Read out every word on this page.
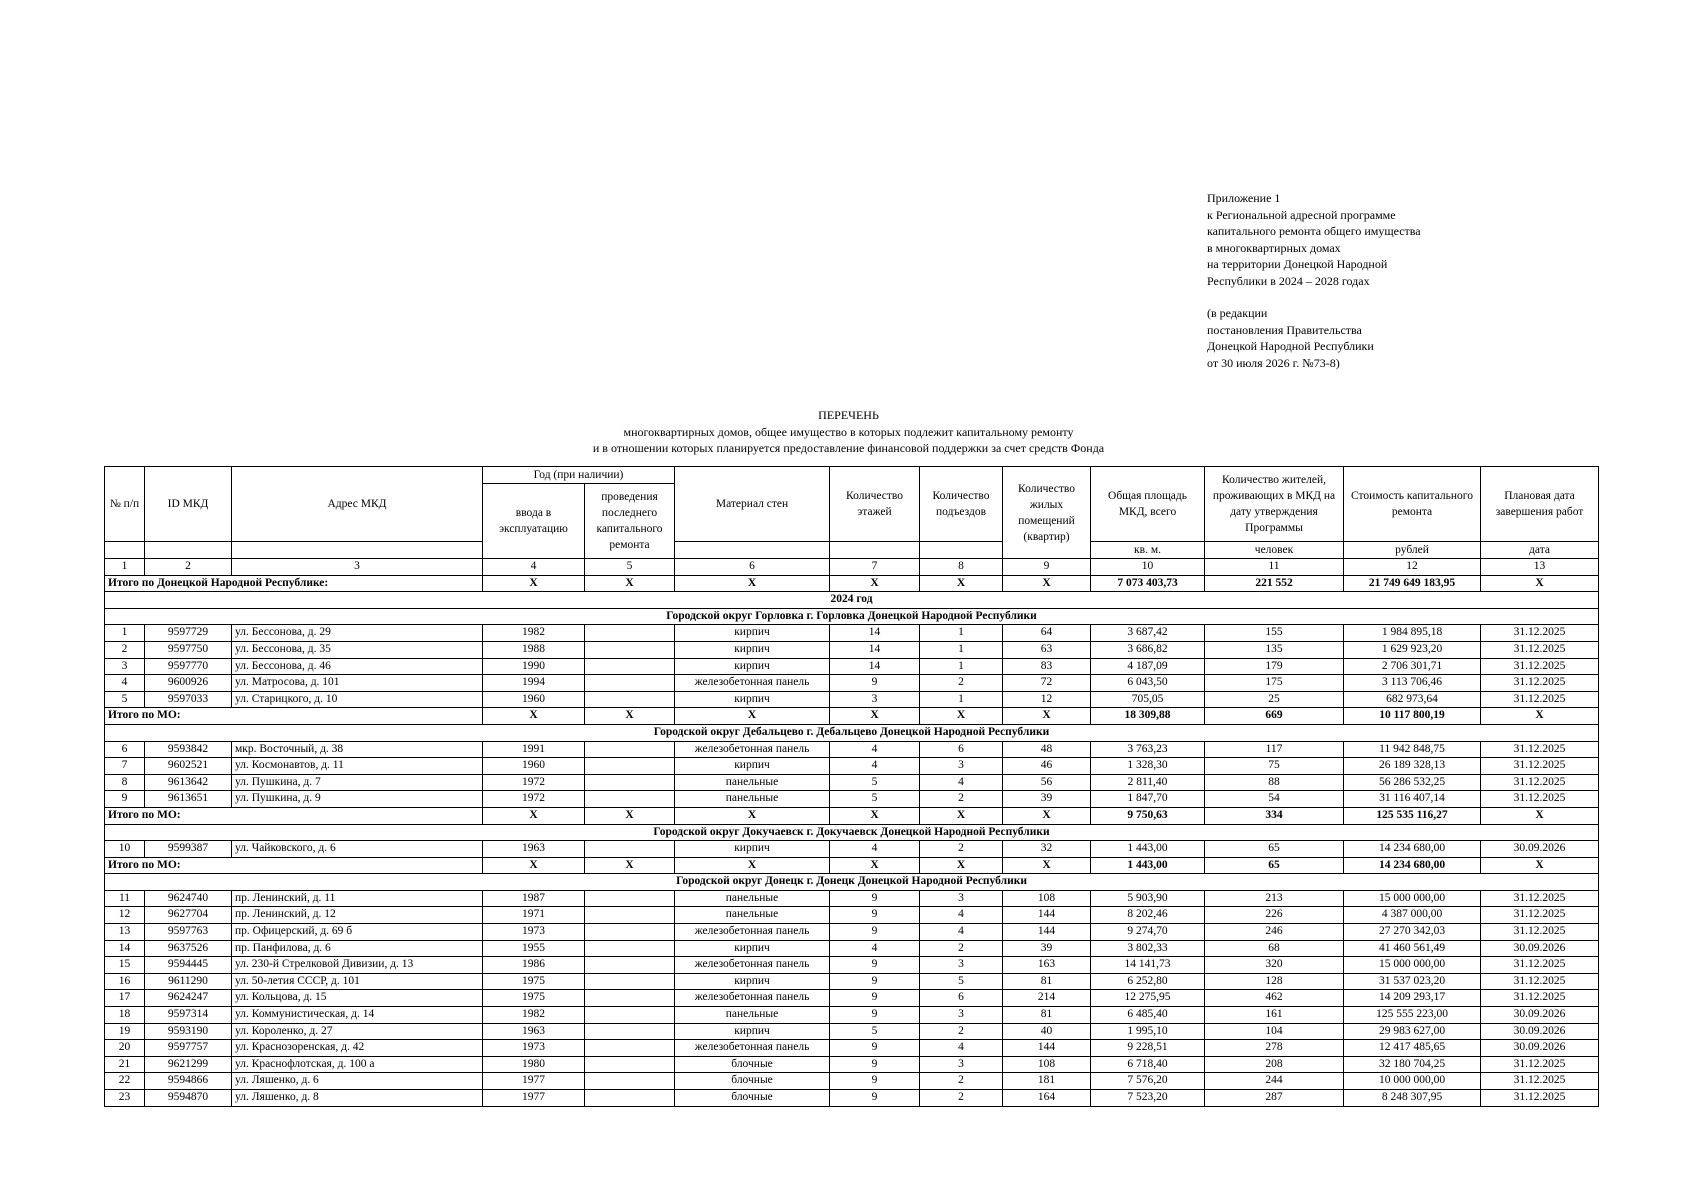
Приложение 1
к Региональной адресной программе
капитального ремонта общего имущества
в многоквартирных домах
на территории Донецкой Народной
Республики в 2024 – 2028 годах
(в редакции
постановления Правительства
Донецкой Народной Республики
от 30 июля 2026 г. №73-8)
ПЕРЕЧЕНЬ
многоквартирных домов, общее имущество в которых подлежит капитальному ремонту
и в отношении которых планируется предоставление финансовой поддержки за счет средств Фонда
№ п/п	ID МКД	Адрес МКД	Год (при наличии)		Материал стен	Количество этажей	Количество подъездов	Количество жилых помещений (квартир)	Общая площадь МКД, всего	Количество жителей, проживающих в МКД на дату утверждения Программы	Стоимость капитального ремонта	Плановая дата завершения работ
			ввода в эксплуатацию	проведения последнего капитального ремонта								
									кв. м.	человек	рублей	дата
1	2	3	4	5	6	7	8	9	10	11	12	13
Итого по Донецкой Народной Республике:			X	X	X	X	X	X	7 073 403,73	221 552	21 749 649 183,95	X
2024 год												
Городской округ Горловка г. Горловка Донецкой Народной Республики												
1	9597729	ул. Бессонова, д. 29	1982		кирпич	14	1	64	3 687,42	155	1 984 895,18	31.12.2025
2	9597750	ул. Бессонова, д. 35	1988		кирпич	14	1	63	3 686,82	135	1 629 923,20	31.12.2025
3	9597770	ул. Бессонова, д. 46	1990		кирпич	14	1	83	4 187,09	179	2 706 301,71	31.12.2025
4	9600926	ул. Матросова, д. 101	1994		железобетонная панель	9	2	72	6 043,50	175	3 113 706,46	31.12.2025
5	9597033	ул. Старицкого, д. 10	1960		кирпич	3	1	12	705,05	25	682 973,64	31.12.2025
Итого по МО:			X	X	X	X	X	X	18 309,88	669	10 117 800,19	X
Городской округ Дебальцево г. Дебальцево Донецкой Народной Республики												
6	9593842	мкр. Восточный, д. 38	1991		железобетонная панель	4	6	48	3 763,23	117	11 942 848,75	31.12.2025
7	9602521	ул. Космонавтов, д. 11	1960		кирпич	4	3	46	1 328,30	75	26 189 328,13	31.12.2025
8	9613642	ул. Пушкина, д. 7	1972		панельные	5	4	56	2 811,40	88	56 286 532,25	31.12.2025
9	9613651	ул. Пушкина, д. 9	1972		панельные	5	2	39	1 847,70	54	31 116 407,14	31.12.2025
Итого по МО:			X	X	X	X	X	X	9 750,63	334	125 535 116,27	X
Городской округ Докучаевск г. Докучаевск Донецкой Народной Республики												
10	9599387	ул. Чайковского, д. 6	1963		кирпич	4	2	32	1 443,00	65	14 234 680,00	30.09.2026
Итого по МО:			X	X	X	X	X	X	1 443,00	65	14 234 680,00	X
Городской округ Донецк г. Донецк Донецкой Народной Республики												
11	9624740	пр. Ленинский, д. 11	1987		панельные	9	3	108	5 903,90	213	15 000 000,00	31.12.2025
12	9627704	пр. Ленинский, д. 12	1971		панельные	9	4	144	8 202,46	226	4 387 000,00	31.12.2025
13	9597763	пр. Офицерский, д. 69 б	1973		железобетонная панель	9	4	144	9 274,70	246	27 270 342,03	31.12.2025
14	9637526	пр. Панфилова, д. 6	1955		кирпич	4	2	39	3 802,33	68	41 460 561,49	30.09.2026
15	9594445	ул. 230-й Стрелковой Дивизии, д. 13	1986		железобетонная панель	9	3	163	14 141,73	320	15 000 000,00	31.12.2025
16	9611290	ул. 50-летия СССР, д. 101	1975		кирпич	9	5	81	6 252,80	128	31 537 023,20	31.12.2025
17	9624247	ул. Кольцова, д. 15	1975		железобетонная панель	9	6	214	12 275,95	462	14 209 293,17	31.12.2025
18	9597314	ул. Коммунистическая, д. 14	1982		панельные	9	3	81	6 485,40	161	125 555 223,00	30.09.2026
19	9593190	ул. Короленко, д. 27	1963		кирпич	5	2	40	1 995,10	104	29 983 627,00	30.09.2026
20	9597757	ул. Краснозоренская, д. 42	1973		железобетонная панель	9	4	144	9 228,51	278	12 417 485,65	30.09.2026
21	9621299	ул. Краснофлотская, д. 100 а	1980		блочные	9	3	108	6 718,40	208	32 180 704,25	31.12.2025
22	9594866	ул. Ляшенко, д. 6	1977		блочные	9	2	181	7 576,20	244	10 000 000,00	31.12.2025
23	9594870	ул. Ляшенко, д. 8	1977		блочные	9	2	164	7 523,20	287	8 248 307,95	31.12.2025
